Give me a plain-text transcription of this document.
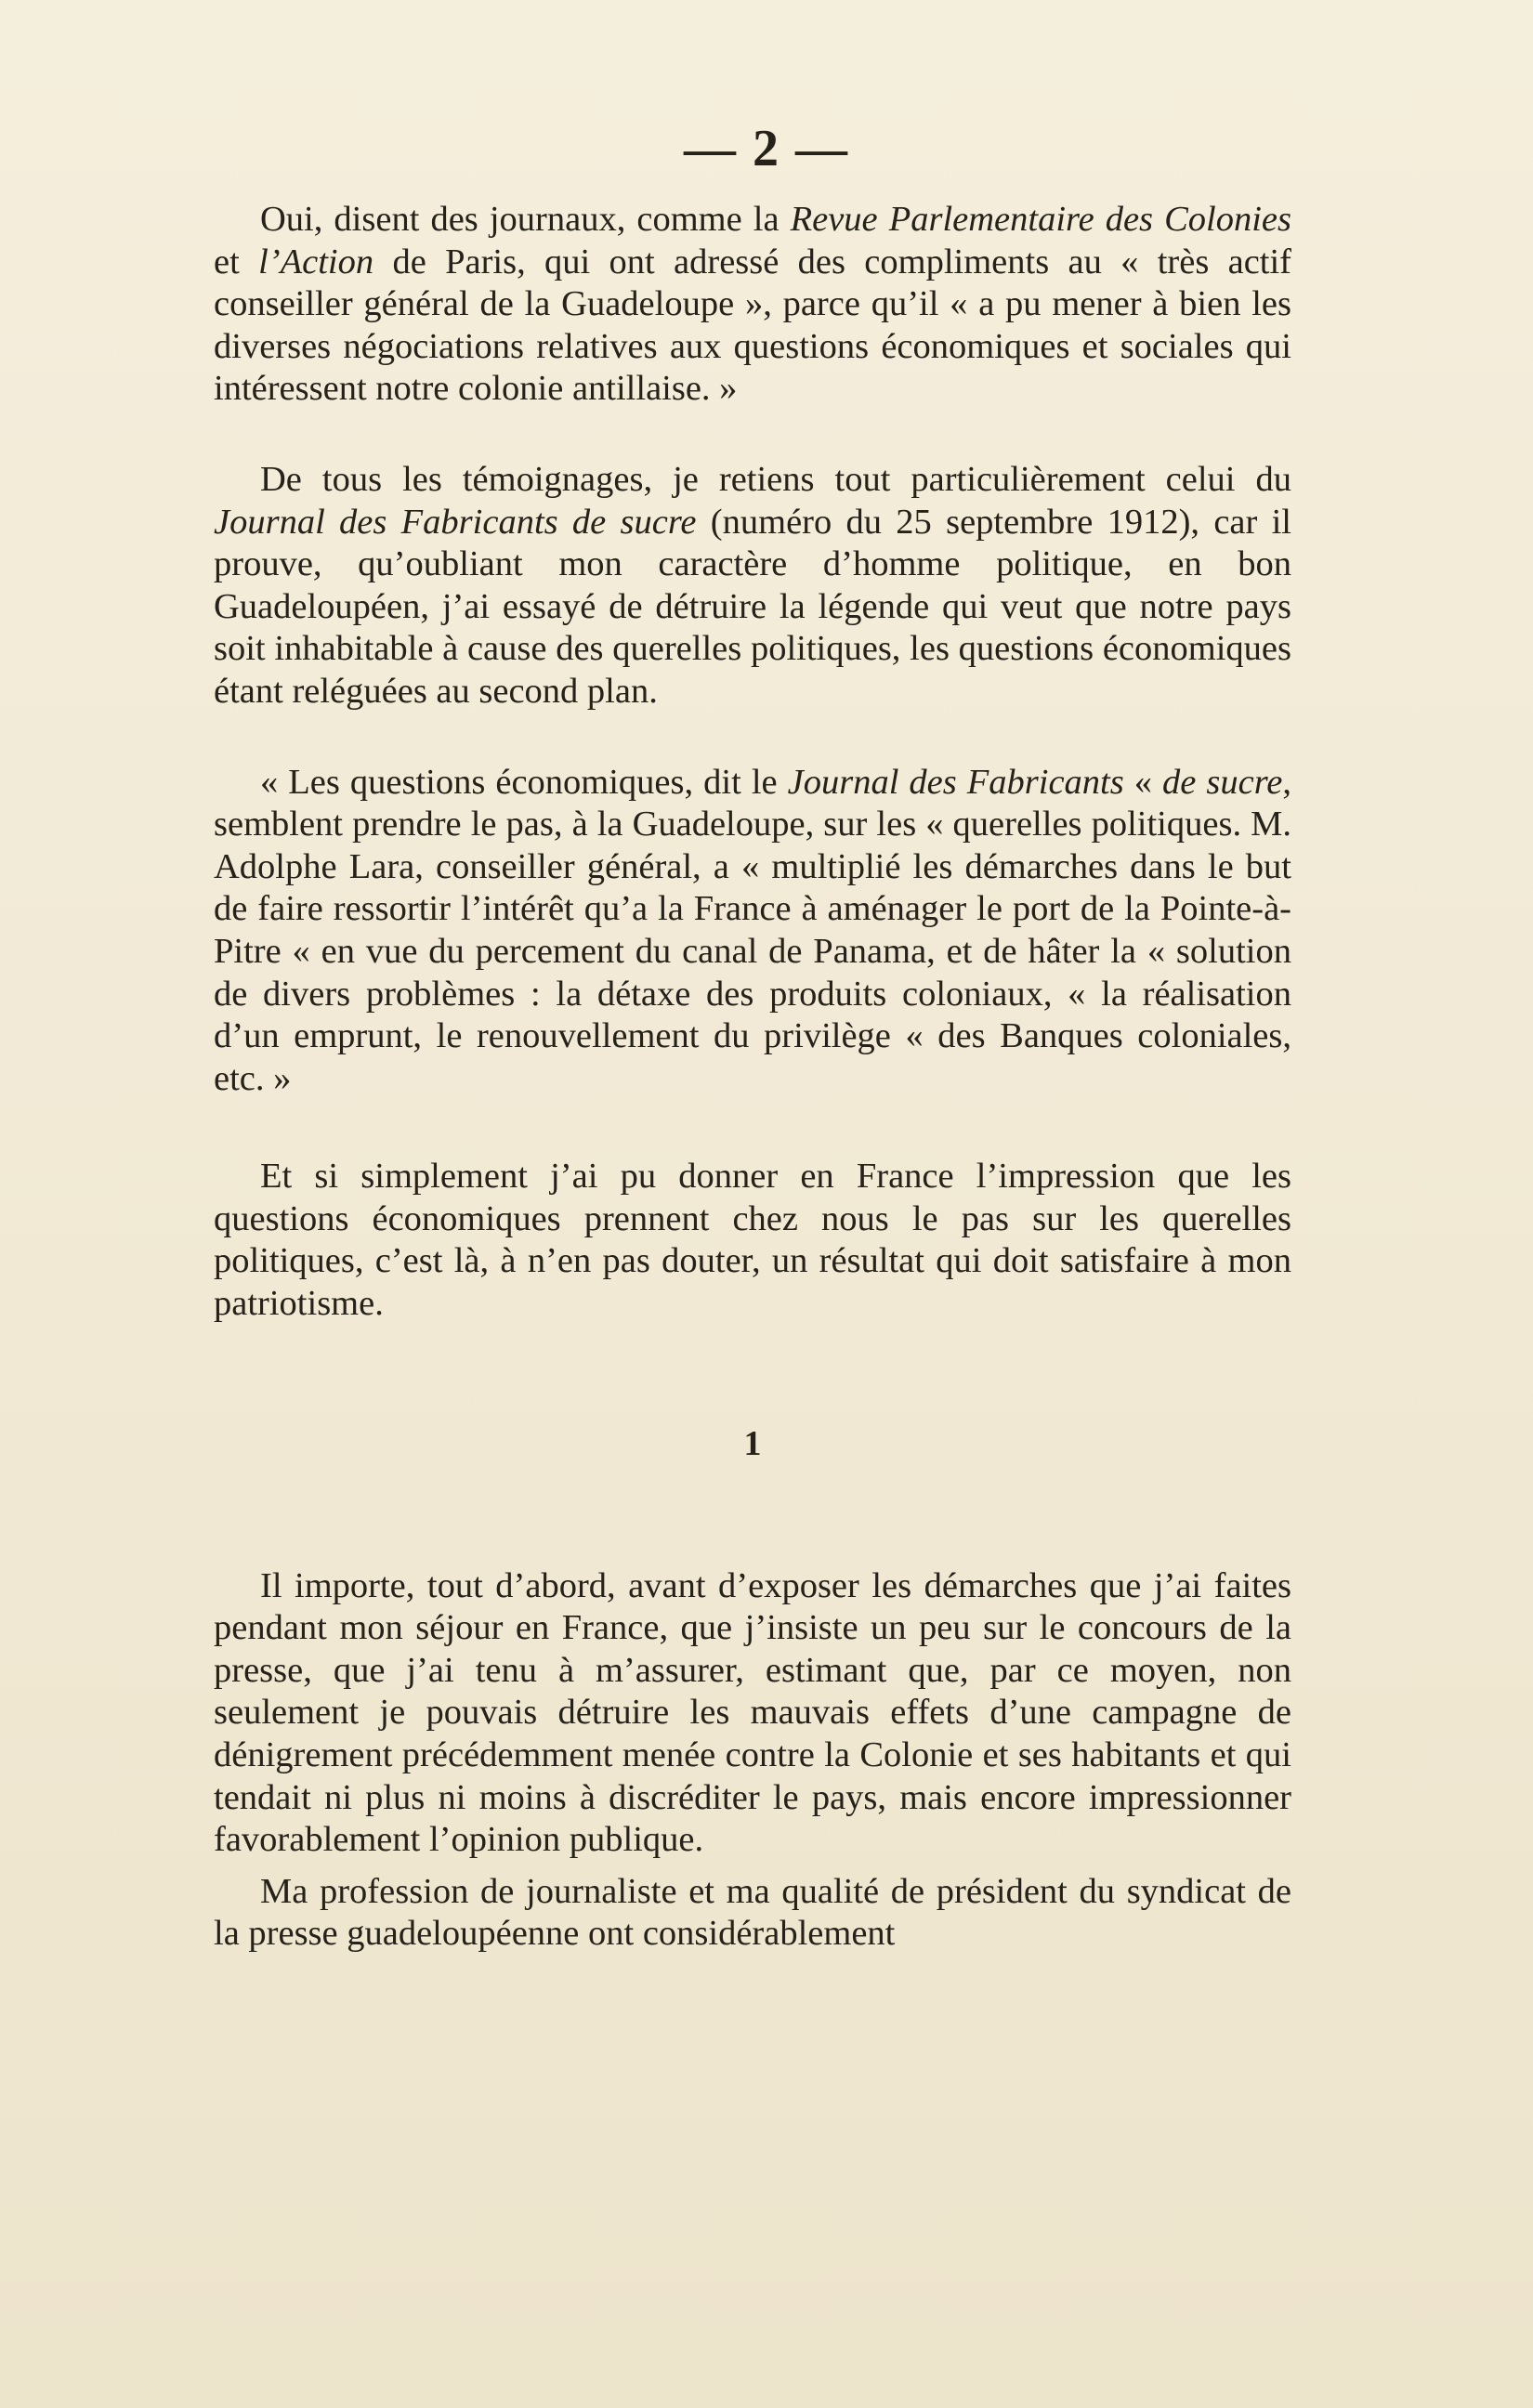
— 2 —

Oui, disent des journaux, comme la Revue Parlementaire des Colonies et l’Action de Paris, qui ont adressé des compliments au « très actif conseiller général de la Guadeloupe », parce qu’il « a pu mener à bien les diverses négociations relatives aux questions économiques et sociales qui intéressent notre colonie antillaise. »

De tous les témoignages, je retiens tout particulièrement celui du Journal des Fabricants de sucre (numéro du 25 septembre 1912), car il prouve, qu’oubliant mon caractère d’homme politique, en bon Guadeloupéen, j’ai essayé de détruire la légende qui veut que notre pays soit inhabitable à cause des querelles politiques, les questions économiques étant reléguées au second plan.

« Les questions économiques, dit le Journal des Fabricants « de sucre, semblent prendre le pas, à la Guadeloupe, sur les « querelles politiques. M. Adolphe Lara, conseiller général, a « multiplié les démarches dans le but de faire ressortir l’intérêt qu’a la France à aménager le port de la Pointe-à-Pitre « en vue du percement du canal de Panama, et de hâter la « solution de divers problèmes : la détaxe des produits coloniaux, « la réalisation d’un emprunt, le renouvellement du privilège « des Banques coloniales, etc. »

Et si simplement j’ai pu donner en France l’impression que les questions économiques prennent chez nous le pas sur les querelles politiques, c’est là, à n’en pas douter, un résultat qui doit satisfaire à mon patriotisme.

1

Il importe, tout d’abord, avant d’exposer les démarches que j’ai faites pendant mon séjour en France, que j’insiste un peu sur le concours de la presse, que j’ai tenu à m’assurer, estimant que, par ce moyen, non seulement je pouvais détruire les mauvais effets d’une campagne de dénigrement précédemment menée contre la Colonie et ses habitants et qui tendait ni plus ni moins à discréditer le pays, mais encore impressionner favorablement l’opinion publique.

Ma profession de journaliste et ma qualité de président du syndicat de la presse guadeloupéenne ont considérablement
